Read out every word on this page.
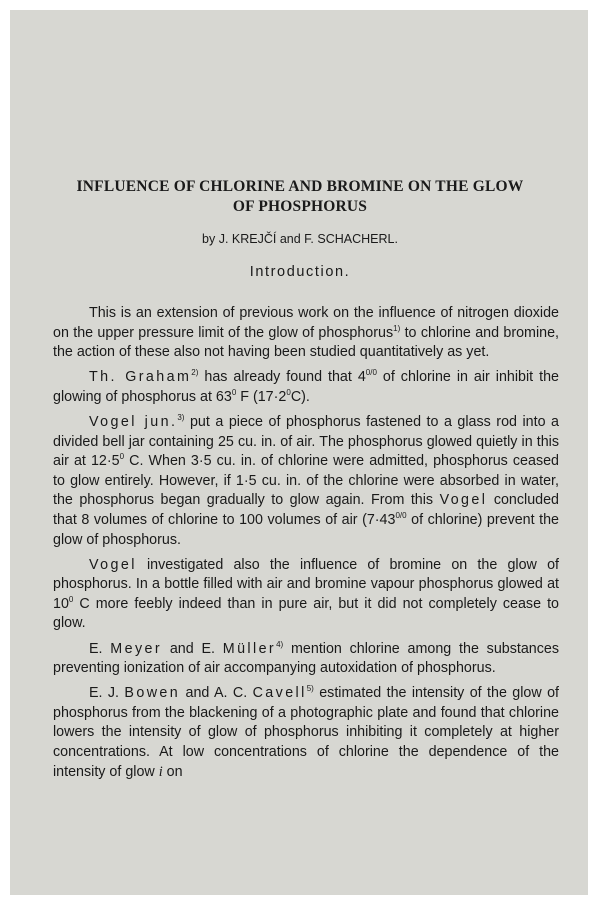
INFLUENCE OF CHLORINE AND BROMINE ON THE GLOW
OF PHOSPHORUS
by J. KREJČÍ and F. SCHACHERL.
Introduction.

This is an extension of previous work on the influence of nitrogen dioxide on the upper pressure limit of the glow of phosphorus$^{1)}$ to chlorine and bromine, the action of these also not having been studied quantitatively as yet.

Th. Graham$^{2)}$ has already found that $4^{0/0}$ of chlorine in air inhibit the glowing of phosphorus at $63^0$ F $(17\cdot 2^0C)$.

Vogel jun.$^{3)}$ put a piece of phosphorus fastened to a glass rod into a divided bell jar containing 25 cu. in. of air. The phosphorus glowed quietly in this air at $12\cdot 5^0$ C. When 3·5 cu. in. of chlorine were admitted, phosphorus ceased to glow entirely. However, if 1·5 cu. in. of the chlorine were absorbed in water, the phosphorus began gradually to glow again. From this Vogel concluded that 8 volumes of chlorine to 100 volumes of air ($7\cdot 43^{0/0}$ of chlorine) prevent the glow of phosphorus.

Vogel investigated also the influence of bromine on the glow of phosphorus. In a bottle filled with air and bromine vapour phosphorus glowed at $10^0$ C more feebly indeed than in pure air, but it did not completely cease to glow.

E. Meyer and E. Müller$^{4)}$ mention chlorine among the substances preventing ionization of air accompanying autoxidation of phosphorus.

E. J. Bowen and A. C. Cavell$^{5)}$ estimated the intensity of the glow of phosphorus from the blackening of a photographic plate and found that chlorine lowers the intensity of glow of phosphorus inhibiting it completely at higher concentrations. At low concentrations of chlorine the dependence of the intensity of glow i on
